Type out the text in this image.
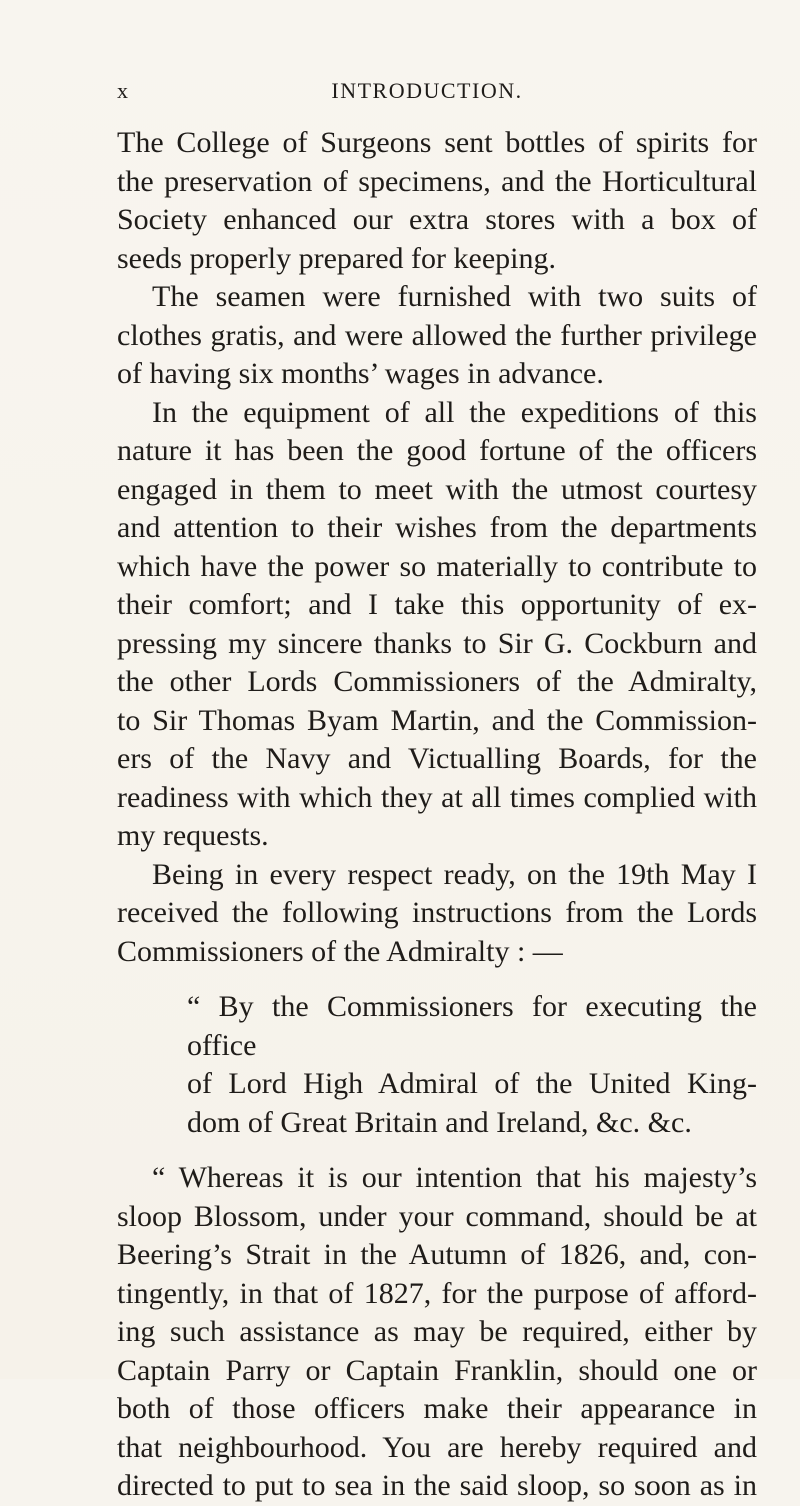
x	INTRODUCTION.
The College of Surgeons sent bottles of spirits for
the preservation of specimens, and the Horticultural
Society enhanced our extra stores with a box of
seeds properly prepared for keeping.
The seamen were furnished with two suits of
clothes gratis, and were allowed the further privilege
of having six months’ wages in advance.
In the equipment of all the expeditions of this
nature it has been the good fortune of the officers
engaged in them to meet with the utmost courtesy
and attention to their wishes from the departments
which have the power so materially to contribute to
their comfort; and I take this opportunity of ex-
pressing my sincere thanks to Sir G. Cockburn and
the other Lords Commissioners of the Admiralty,
to Sir Thomas Byam Martin, and the Commission-
ers of the Navy and Victualling Boards, for the
readiness with which they at all times complied with
my requests.
Being in every respect ready, on the 19th May I
received the following instructions from the Lords
Commissioners of the Admiralty : —
“ By the Commissioners for executing the office
of Lord High Admiral of the United King-
dom of Great Britain and Ireland, &c. &c.
“ Whereas it is our intention that his majesty’s
sloop Blossom, under your command, should be at
Beering’s Strait in the Autumn of 1826, and, con-
tingently, in that of 1827, for the purpose of afford-
ing such assistance as may be required, either by
Captain Parry or Captain Franklin, should one or
both of those officers make their appearance in
that neighbourhood. You are hereby required and
directed to put to sea in the said sloop, so soon as in
